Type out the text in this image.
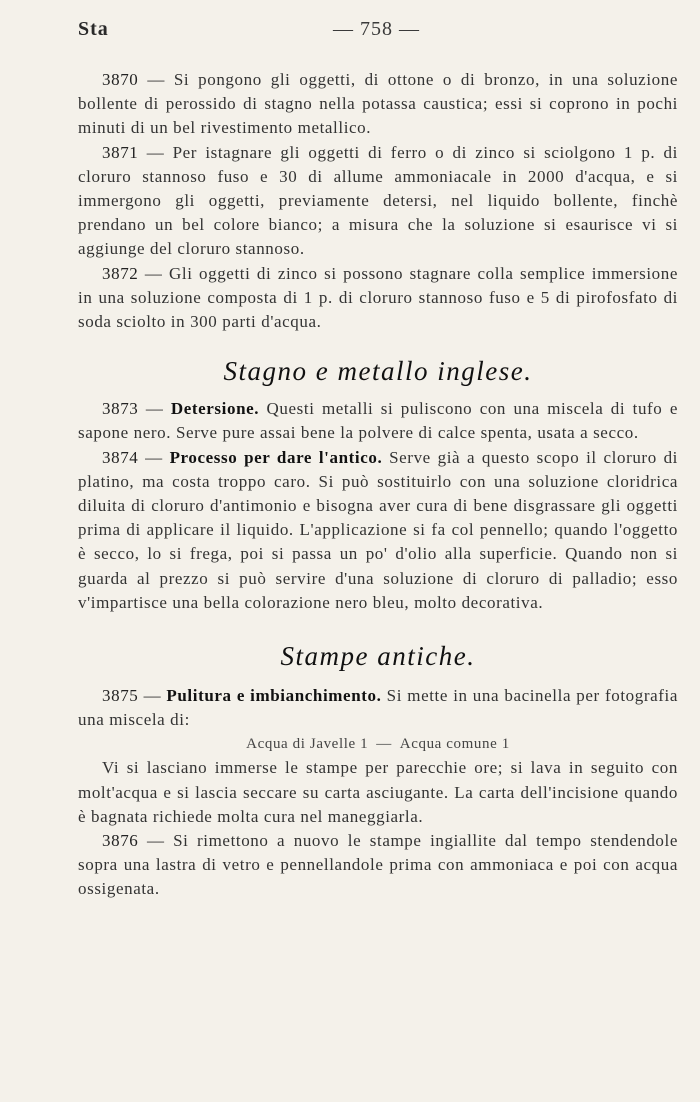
Sta	— 758 —

3870 — Si pongono gli oggetti, di ottone o di bronzo, in una soluzione bollente di perossido di stagno nella potassa caustica; essi si coprono in pochi minuti di un bel rivestimento metallico.

3871 — Per istagnare gli oggetti di ferro o di zinco si sciolgono 1 p. di cloruro stannoso fuso e 30 di allume ammoniacale in 2000 d'acqua, e si immergono gli oggetti, previamente detersi, nel liquido bollente, finchè prendano un bel colore bianco; a misura che la soluzione si esaurisce vi si aggiunge del cloruro stannoso.

3872 — Gli oggetti di zinco si possono stagnare colla semplice immersione in una soluzione composta di 1 p. di cloruro stannoso fuso e 5 di pirofosfato di soda sciolto in 300 parti d'acqua.

Stagno e metallo inglese.

3873 — Detersione. Questi metalli si puliscono con una miscela di tufo e sapone nero. Serve pure assai bene la polvere di calce spenta, usata a secco.

3874 — Processo per dare l'antico. Serve già a questo scopo il cloruro di platino, ma costa troppo caro. Si può sostituirlo con una soluzione cloridrica diluita di cloruro d'antimonio e bisogna aver cura di bene disgrassare gli oggetti prima di applicare il liquido. L'applicazione si fa col pennello; quando l'oggetto è secco, lo si frega, poi si passa un po' d'olio alla superficie. Quando non si guarda al prezzo si può servire d'una soluzione di cloruro di palladio; esso v'impartisce una bella colorazione nero bleu, molto decorativa.

Stampe antiche.

3875 — Pulitura e imbianchimento. Si mette in una bacinella per fotografia una miscela di:

Acqua di Javelle 1 — Acqua comune 1

Vi si lasciano immerse le stampe per parecchie ore; si lava in seguito con molt'acqua e si lascia seccare su carta asciugante. La carta dell'incisione quando è bagnata richiede molta cura nel maneggiarla.

3876 — Si rimettono a nuovo le stampe ingiallite dal tempo stendendole sopra una lastra di vetro e pennellandole prima con ammoniaca e poi con acqua ossigenata.
